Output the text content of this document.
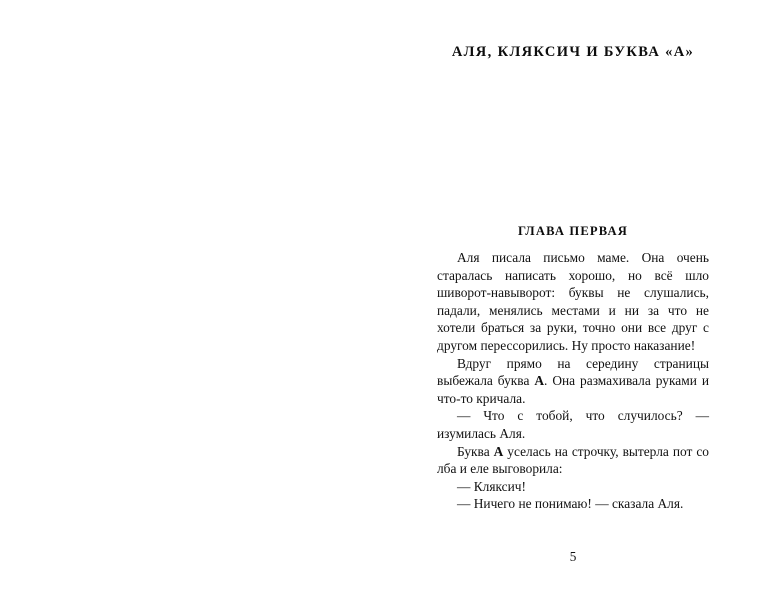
АЛЯ, КЛЯКСИЧ И БУКВА «А»
ГЛАВА ПЕРВАЯ

Аля писала письмо маме. Она очень старалась написать хорошо, но всё шло шиворот-навыворот: буквы не слушались, падали, менялись местами и ни за что не хотели браться за руки, точно они все друг с другом перессорились. Ну просто наказание!

Вдруг прямо на середину страницы выбежала буква А. Она размахивала руками и что-то кричала.

— Что с тобой, что случилось? — изумилась Аля.

Буква А уселась на строчку, вытерла пот со лба и еле выговорила:

— Кляксич!

— Ничего не понимаю! — сказала Аля.

5
